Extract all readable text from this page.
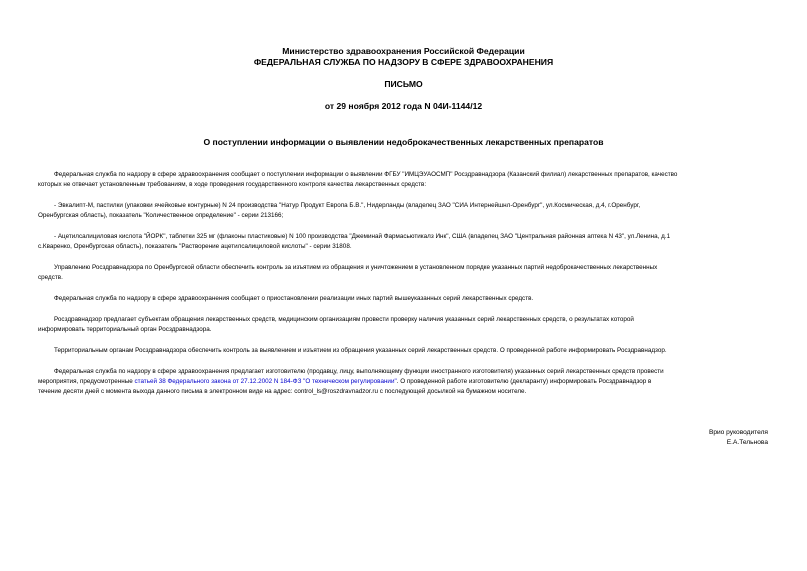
Министерство здравоохранения Российской Федерации
ФЕДЕРАЛЬНАЯ СЛУЖБА ПО НАДЗОРУ В СФЕРЕ ЗДРАВООХРАНЕНИЯ
ПИСЬМО
от 29 ноября 2012 года N 04И-1144/12
О поступлении информации о выявлении недоброкачественных лекарственных препаратов
Федеральная служба по надзору в сфере здравоохранения сообщает о поступлении информации о выявлении ФГБУ "ИМЦЭУАОСМП" Росздравнадзора (Казанский филиал) лекарственных препаратов, качество
которых не отвечает установленным требованиям, в ходе проведения государственного контроля качества лекарственных средств:
- Эвкалипт-М, пастилки (упаковки ячейковые контурные) N 24 производства "Натур Продукт Европа Б.В.", Нидерланды (владелец ЗАО "СИА Интернейшнл-Оренбург", ул.Космическая, д.4, г.Оренбург,
Оренбургская область), показатель "Количественное определение" - серии 213166;
- Ацетилсалициловая кислота "ЙОРК", таблетки 325 мг (флаконы пластиковые) N 100 производства "Джеминай Фармасьютикалз Инк", США (владелец ЗАО "Центральная районная аптека N 43", ул.Ленина, д.1
с.Кваренко, Оренбургская область), показатель "Растворение ацетилсалициловой кислоты" - серии 31808.
Управлению Росздравнадзора по Оренбургской области обеспечить контроль за изъятием из обращения и уничтожением в установленном порядке указанных партий недоброкачественных лекарственных
средств.
Федеральная служба по надзору в сфере здравоохранения сообщает о приостановлении реализации иных партий вышеуказанных серий лекарственных средств.
Росздравнадзор предлагает субъектам обращения лекарственных средств, медицинским организациям провести проверку наличия указанных серий лекарственных средств, о результатах которой
информировать территориальный орган Росздравнадзора.
Территориальным органам Росздравнадзора обеспечить контроль за выявлением и изъятием из обращения указанных серий лекарственных средств. О проведенной работе информировать Росздравнадзор.
Федеральная служба по надзору в сфере здравоохранения предлагает изготовителю (продавцу, лицу, выполняющему функции иностранного изготовителя) указанных серий лекарственных средств провести
мероприятия, предусмотренные статьей 38 Федерального закона от 27.12.2002 N 184-ФЗ "О техническом регулировании". О проведенной работе изготовителю (декларанту) информировать Росздравнадзор в
течение десяти дней с момента выхода данного письма в электронном виде на адрес: control_ls@roszdravnadzor.ru с последующей досылкой на бумажном носителе.
Врио руководителя
Е.А.Тельнова
